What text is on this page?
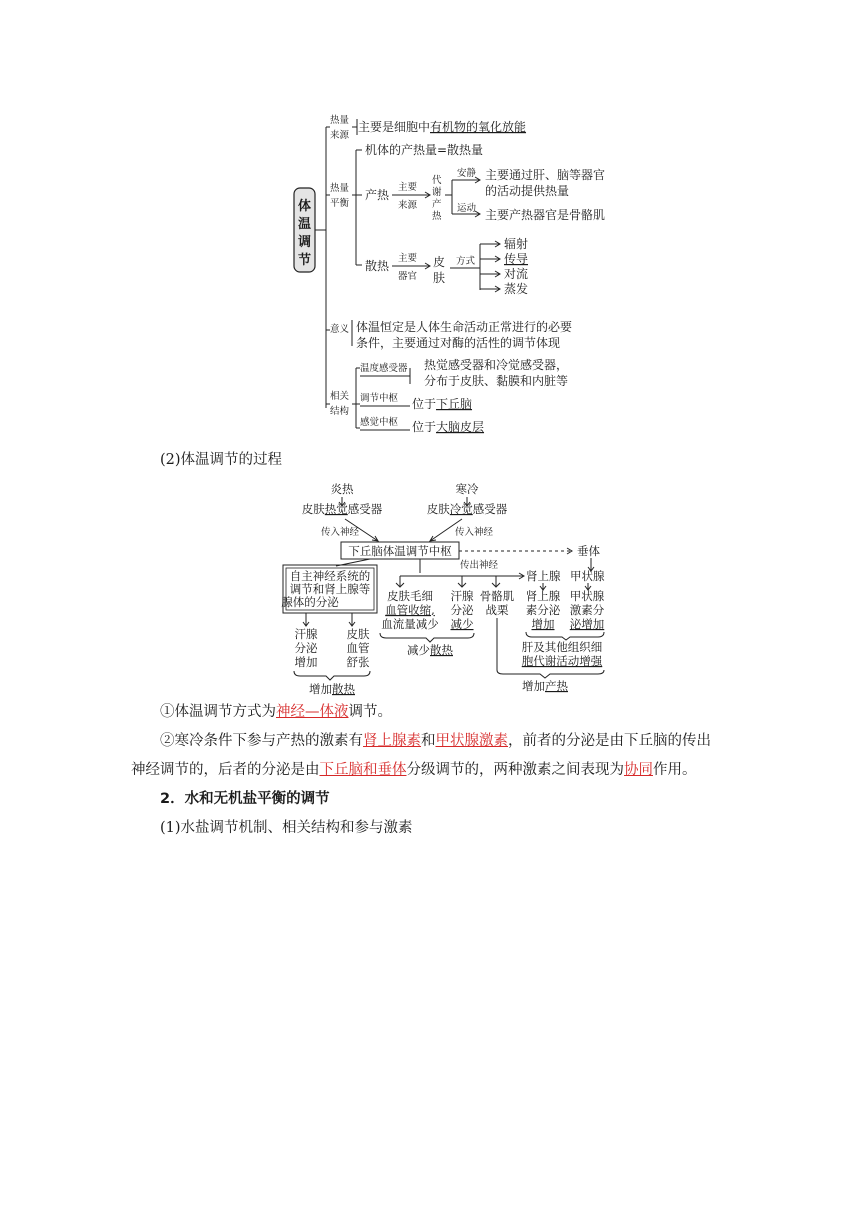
体
温
调
节
热量
来源
主要是细胞中有机物的氧化放能
热量
平衡
机体的产热量=散热量
产热
主要
来源
代
谢
产
热
安静
运动
主要通过肝、脑等器官
的活动提供热量
主要产热器官是骨骼肌
散热
主要
器官
皮
肤
方式
辐射
传导
对流
蒸发
意义 体温恒定是人体生命活动正常进行的必要
条件，主要通过对酶的活性的调节体现
相关
结构
温度感受器 热觉感受器和冷觉感受器，
分布于皮肤、黏膜和内脏等
调节中枢 位于下丘脑
感觉中枢 位于大脑皮层
(2)体温调节的过程
炎热
皮肤热觉感受器
传入神经
寒冷
皮肤冷觉感受器
传入神经
下丘脑体温调节中枢	垂体
传出神经
肾上腺 甲状腺
自主神经系统的
调节和肾上腺等
腺体的分泌
汗腺
分泌
增加
皮肤
血管
舒张
增加散热
皮肤毛细
血管收缩,
血流量减少
汗腺
分泌
减少
减少散热
骨骼肌
战栗
肾上腺
素分泌
增加
甲状腺
激素分
泌增加
肝及其他组织细
胞代谢活动增强
增加产热
①体温调节方式为神经—体液调节。
②寒冷条件下参与产热的激素有肾上腺素和甲状腺激素，前者的分泌是由下丘脑的传出
神经调节的，后者的分泌是由下丘脑和垂体分级调节的，两种激素之间表现为协同作用。
2．水和无机盐平衡的调节
(1)水盐调节机制、相关结构和参与激素
